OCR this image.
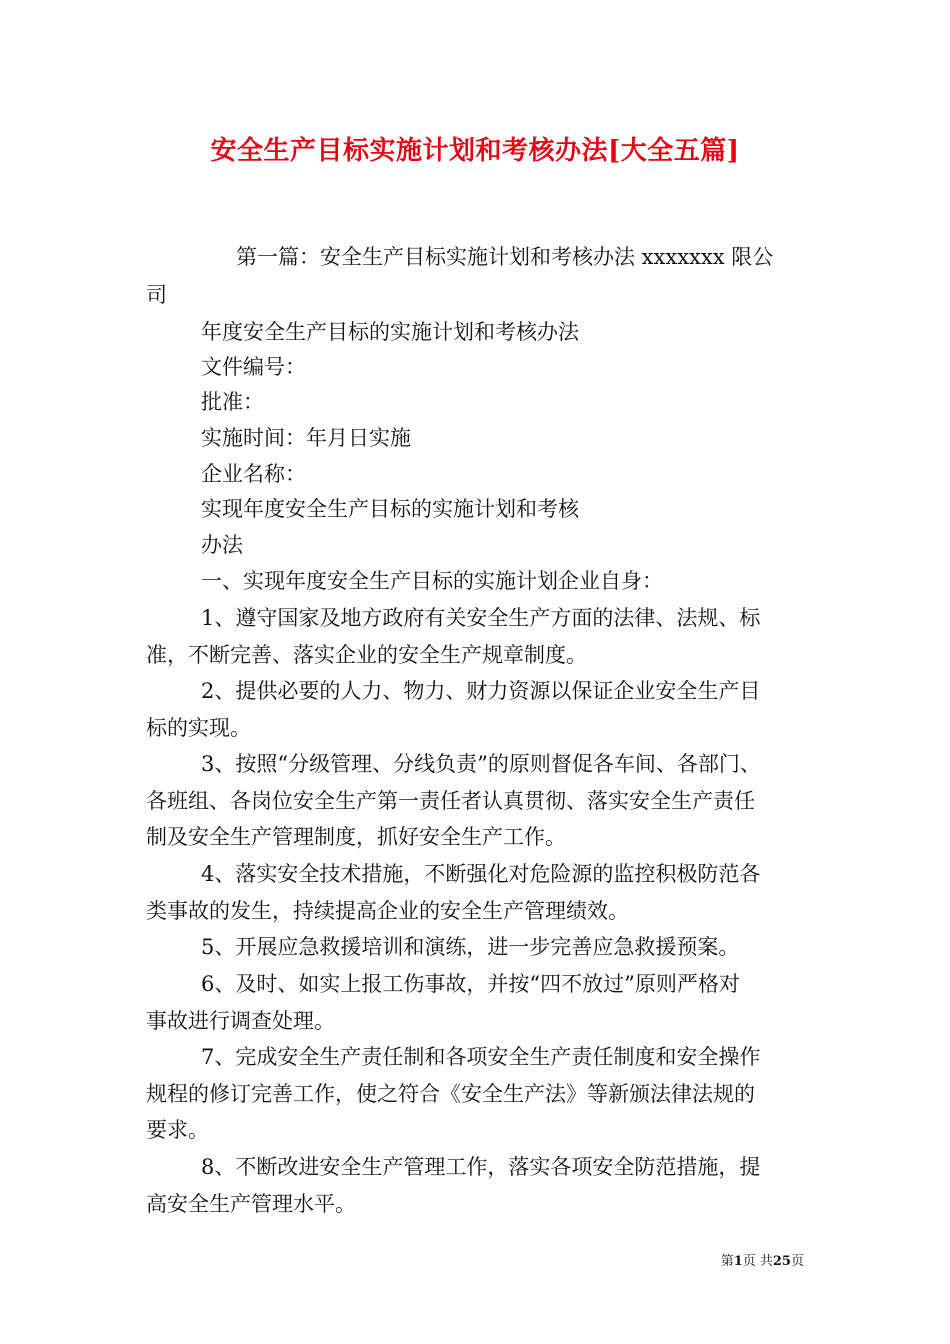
安全生产目标实施计划和考核办法[大全五篇]
第一篇：安全生产目标实施计划和考核办法 xxxxxxx 限公
司
年度安全生产目标的实施计划和考核办法
文件编号：
批准：
实施时间：年月日实施
企业名称：
实现年度安全生产目标的实施计划和考核
办法
一、实现年度安全生产目标的实施计划企业自身：
1、遵守国家及地方政府有关安全生产方面的法律、法规、标
准，不断完善、落实企业的安全生产规章制度。
2、提供必要的人力、物力、财力资源以保证企业安全生产目
标的实现。
3、按照“分级管理、分线负责”的原则督促各车间、各部门、
各班组、各岗位安全生产第一责任者认真贯彻、落实安全生产责任
制及安全生产管理制度，抓好安全生产工作。
4、落实安全技术措施，不断强化对危险源的监控积极防范各
类事故的发生，持续提高企业的安全生产管理绩效。
5、开展应急救援培训和演练，进一步完善应急救援预案。
6、及时、如实上报工伤事故，并按“四不放过”原则严格对
事故进行调查处理。
7、完成安全生产责任制和各项安全生产责任制度和安全操作
规程的修订完善工作，使之符合《安全生产法》等新颁法律法规的
要求。
8、不断改进安全生产管理工作，落实各项安全防范措施，提
高安全生产管理水平。
第1页 共25页
